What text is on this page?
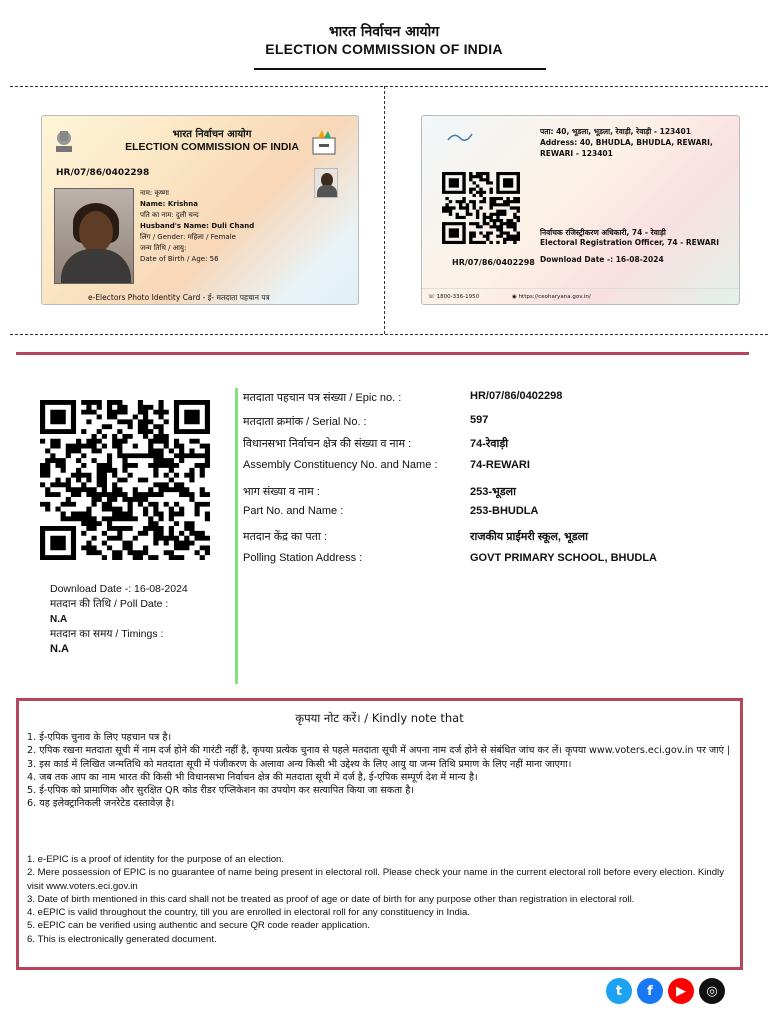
भारत निर्वाचन आयोग
ELECTION COMMISSION OF INDIA
भारत निर्वाचन आयोग
ELECTION COMMISSION OF INDIA
HR/07/86/0402298
नाम: कृष्णा
Name: Krishna
पति का नाम: दुली चन्द
Husband's Name: Duli Chand
लिंग / Gender: महिला / Female
जन्म तिथि / आयु:
Date of Birth / Age: 56
e-Electors Photo Identity Card - ई- मतदाता पहचान पत्र
पता: 40, भूडला, भूडला, रेवाड़ी, रेवाड़ी - 123401
Address: 40, BHUDLA, BHUDLA, REWARI,
REWARI - 123401
निर्वाचक रजिस्ट्रीकरण अधिकारी, 74 - रेवाड़ी
Electoral Registration Officer, 74 - REWARI
Download Date -: 16-08-2024
HR/07/86/0402298
☏ 1800-336-1950	◉ https://ceoharyana.gov.in/
Download Date -: 16-08-2024
मतदान की तिथि / Poll Date :
N.A
मतदान का समय / Timings :
N.A
मतदाता पहचान पत्र संख्या / Epic no. :	HR/07/86/0402298
मतदाता क्रमांक / Serial No. :	597
विधानसभा निर्वाचन क्षेत्र की संख्या व नाम :	74-रेवाड़ी
Assembly Constituency No. and Name :	74-REWARI
भाग संख्या व नाम :	253-भूडला
Part No. and Name :	253-BHUDLA
मतदान केंद्र का पता :	राजकीय प्राईमरी स्कूल, भूडला
Polling Station Address :	GOVT PRIMARY SCHOOL, BHUDLA
कृपया नोट करें। / Kindly note that
1. ई-एपिक चुनाव के लिए पहचान पत्र है।
2. एपिक रखना मतदाता सूची में नाम दर्ज होने की गारंटी नहीं है, कृपया प्रत्येक चुनाव से पहले मतदाता सूची में अपना नाम दर्ज होने से संबंधित जांच कर लें। कृपया www.voters.eci.gov.in पर जाएं |
3. इस कार्ड में लिखित जन्मतिथि को मतदाता सूची में पंजीकरण के अलावा अन्य किसी भी उद्देश्य के लिए आयु या जन्म तिथि प्रमाण के लिए नहीं माना जाएगा।
4. जब तक आप का नाम भारत की किसी भी विधानसभा निर्वाचन क्षेत्र की मतदाता सूची में दर्ज है, ई-एपिक सम्पूर्ण देश में मान्य है।
5. ई-एपिक को प्रामाणिक और सुरक्षित QR कोड रीडर एप्लिकेशन का उपयोग कर सत्यापित किया जा सकता है।
6. यह इलेक्ट्रानिकली जनरेटेड दस्तावेज़ है।
1. e-EPIC is a proof of identity for the purpose of an election.
2. Mere possession of EPIC is no guarantee of name being present in electoral roll. Please check your name in the current electoral roll before every election. Kindly visit www.voters.eci.gov.in
3. Date of birth mentioned in this card shall not be treated as proof of age or date of birth for any purpose other than registration in electoral roll.
4. eEPIC is valid throughout the country, till you are enrolled in electoral roll for any constituency in India.
5. eEPIC can be verified using authentic and secure QR code reader application.
6. This is electronically generated document.
t f ▶ ◎
